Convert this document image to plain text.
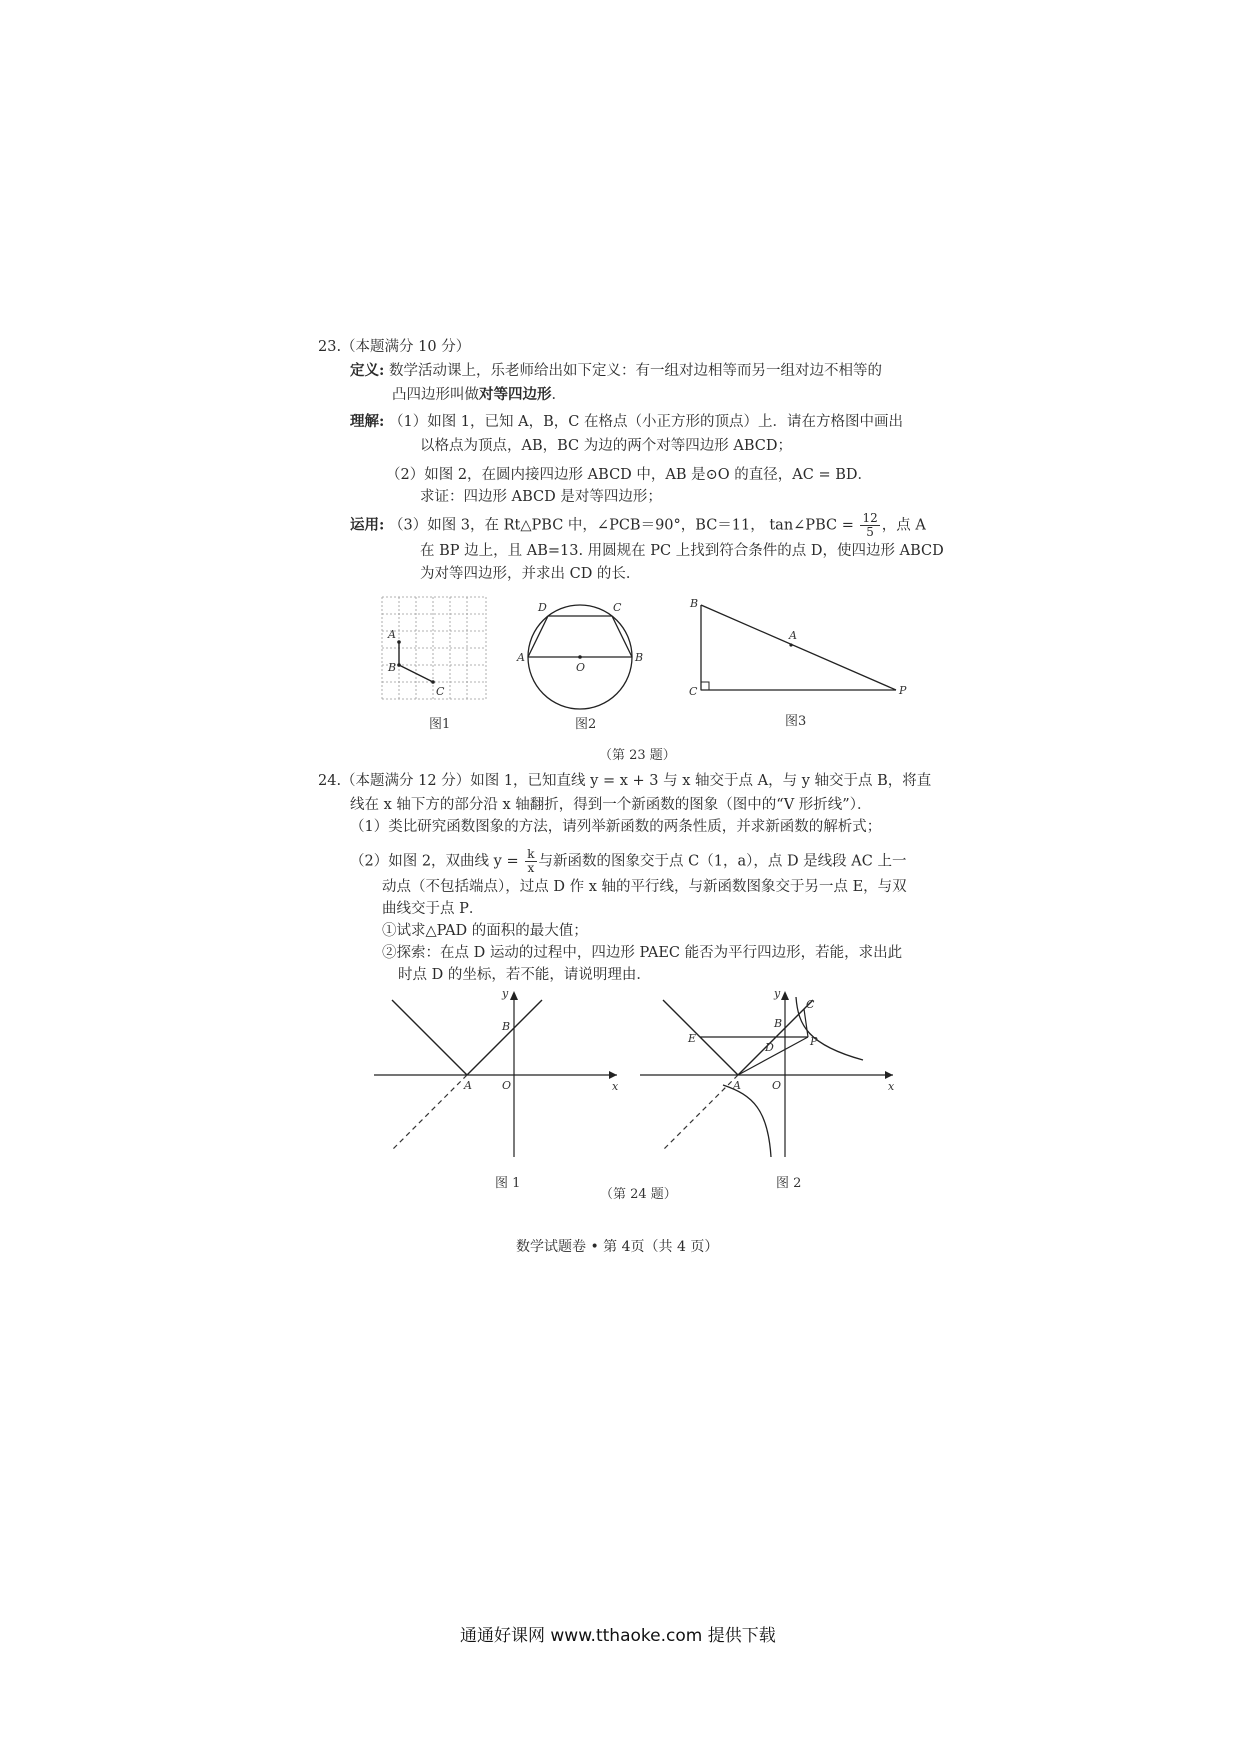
23.（本题满分 10 分）
定义: 数学活动课上，乐老师给出如下定义：有一组对边相等而另一组对边不相等的
凸四边形叫做对等四边形．
理解: （1）如图 1，已知 A，B，C 在格点（小正方形的顶点）上．请在方格图中画出
以格点为顶点，AB，BC 为边的两个对等四边形 ABCD；
（2）如图 2，在圆内接四边形 ABCD 中，AB 是⊙O 的直径，AC = BD．
求证：四边形 ABCD 是对等四边形；
运用: （3）如图 3，在 Rt△PBC 中，∠PCB＝90°，BC＝11， tan∠PBC = $\frac{12}{5}$ ，点 A
在 BP 边上，且 AB=13. 用圆规在 PC 上找到符合条件的点 D，使四边形 ABCD
为对等四边形，并求出 CD 的长．
A
B
C
图1
D	C
A	B
O
图2
B
A
C	P
图3
（第 23 题）
24.（本题满分 12 分）如图 1，已知直线 y = x + 3 与 x 轴交于点 A，与 y 轴交于点 B，将直
线在 x 轴下方的部分沿 x 轴翻折，得到一个新函数的图象（图中的“V 形折线”）．
（1）类比研究函数图象的方法，请列举新函数的两条性质，并求新函数的解析式；
（2）如图 2，双曲线 $y = \frac{k}{x}$ 与新函数的图象交于点 C（1，a），点 D 是线段 AC 上一
动点（不包括端点），过点 D 作 x 轴的平行线，与新函数图象交于另一点 E，与双
曲线交于点 P．
①试求△PAD 的面积的最大值；
②探索：在点 D 运动的过程中，四边形 PAEC 能否为平行四边形，若能，求出此
时点 D 的坐标，若不能，请说明理由．
y
x
B
A	O
图 1
y
x
B
C
E
D	P
A	O
图 2
（第 24 题）
数学试题卷 • 第 4页（共 4 页）
通通好课网 www.tthaoke.com 提供下载
